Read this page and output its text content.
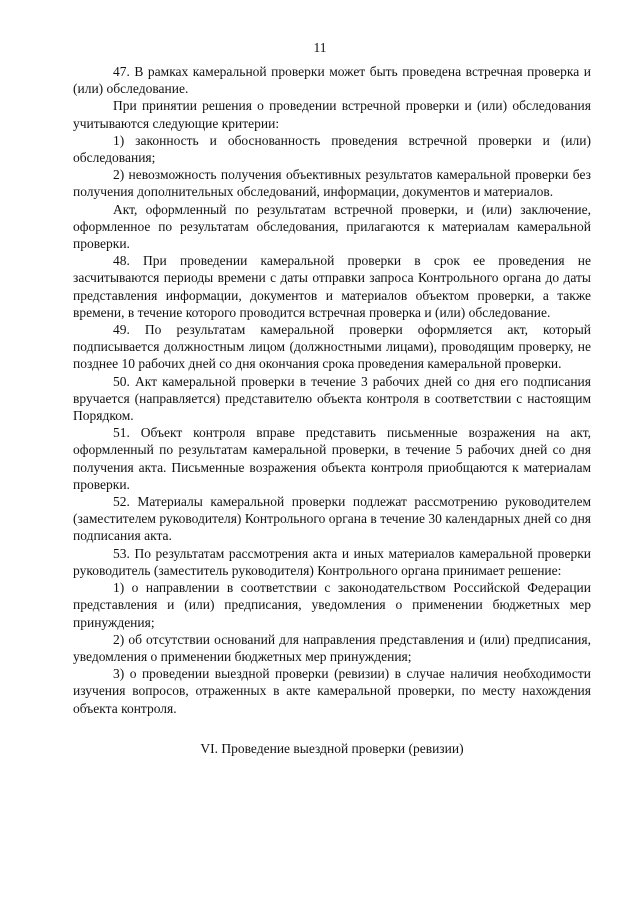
11

47. В рамках камеральной проверки может быть проведена встречная проверка и (или) обследование.

При принятии решения о проведении встречной проверки и (или) обследования учитываются следующие критерии:

1) законность и обоснованность проведения встречной проверки и (или) обследования;

2) невозможность получения объективных результатов камеральной проверки без получения дополнительных обследований, информации, документов и материалов.

Акт, оформленный по результатам встречной проверки, и (или) заключение, оформленное по результатам обследования, прилагаются к материалам камеральной проверки.

48. При проведении камеральной проверки в срок ее проведения не засчитываются периоды времени с даты отправки запроса Контрольного органа до даты представления информации, документов и материалов объектом проверки, а также времени, в течение которого проводится встречная проверка и (или) обследование.

49. По результатам камеральной проверки оформляется акт, который подписывается должностным лицом (должностными лицами), проводящим проверку, не позднее 10 рабочих дней со дня окончания срока проведения камеральной проверки.

50. Акт камеральной проверки в течение 3 рабочих дней со дня его подписания вручается (направляется) представителю объекта контроля в соответствии с настоящим Порядком.

51. Объект контроля вправе представить письменные возражения на акт, оформленный по результатам камеральной проверки, в течение 5 рабочих дней со дня получения акта. Письменные возражения объекта контроля приобщаются к материалам проверки.

52. Материалы камеральной проверки подлежат рассмотрению руководителем (заместителем руководителя) Контрольного органа в течение 30 календарных дней со дня подписания акта.

53. По результатам рассмотрения акта и иных материалов камеральной проверки руководитель (заместитель руководителя) Контрольного органа принимает решение:

1) о направлении в соответствии с законодательством Российской Федерации представления и (или) предписания, уведомления о применении бюджетных мер принуждения;

2) об отсутствии оснований для направления представления и (или) предписания, уведомления о применении бюджетных мер принуждения;

3) о проведении выездной проверки (ревизии) в случае наличия необходимости изучения вопросов, отраженных в акте камеральной проверки, по месту нахождения объекта контроля.

VI. Проведение выездной проверки (ревизии)
